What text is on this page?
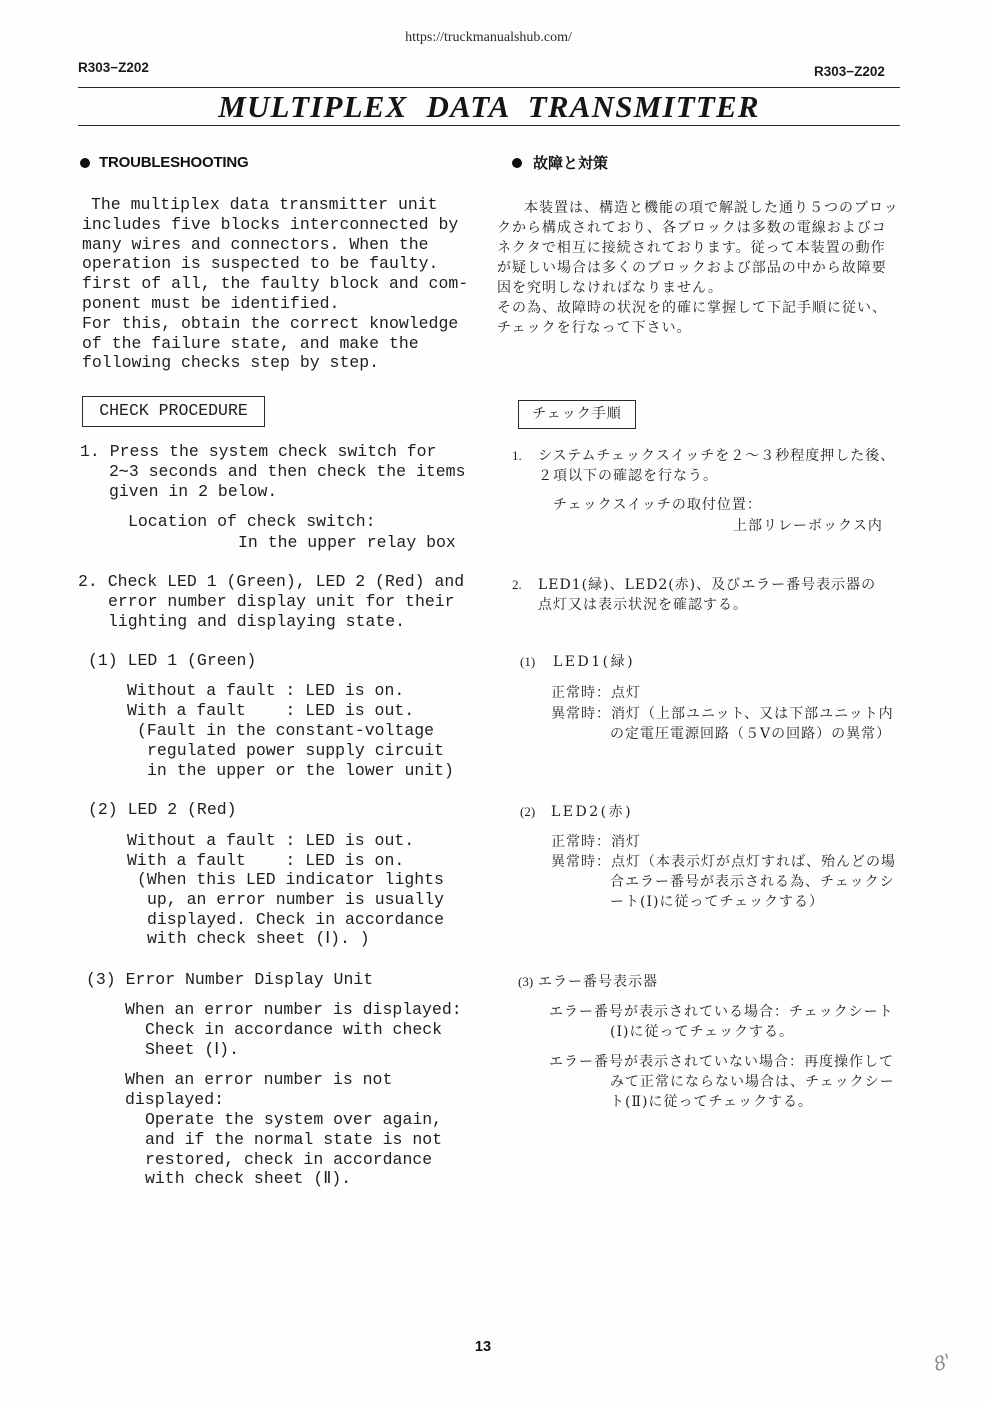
https://truckmanualshub.com/
R303−Z202	R303−Z202
MULTIPLEX DATA TRANSMITTER
TROUBLESHOOTING
The multiplex data transmitter unit
includes five blocks interconnected by
many wires and connectors. When the
operation is suspected to be faulty.
first of all, the faulty block and com-
ponent must be identified.
For this, obtain the correct knowledge
of the failure state, and make the
following checks step by step.
CHECK PROCEDURE
1. Press the system check switch for
2∼3 seconds and then check the items
given in 2 below.
Location of check switch:
In the upper relay box
2. Check LED 1 (Green), LED 2 (Red) and
error number display unit for their
lighting and displaying state.
(1) LED 1 (Green)
Without a fault : LED is on.
With a fault    : LED is out.
(Fault in the constant-voltage
regulated power supply circuit
in the upper or the lower unit)
(2) LED 2 (Red)
Without a fault : LED is out.
With a fault    : LED is on.
(When this LED indicator lights
up, an error number is usually
displayed. Check in accordance
with check sheet (Ⅰ). )
(3) Error Number Display Unit
When an error number is displayed:
Check in accordance with check
Sheet (Ⅰ).
When an error number is not
displayed:
Operate the system over again,
and if the normal state is not
restored, check in accordance
with check sheet (Ⅱ).
故障と対策
本装置は、構造と機能の項で解説した通り５つのブロッ
クから構成されており、各ブロックは多数の電線およびコ
ネクタで相互に接続されております。従って本装置の動作
が疑しい場合は多くのブロックおよび部品の中から故障要
因を究明しなければなりません。
その為、故障時の状況を的確に掌握して下記手順に従い、
チェックを行なって下さい。
チェック手順
1. システムチェックスイッチを２〜３秒程度押した後、
２項以下の確認を行なう。
チェックスイッチの取付位置：
上部リレーボックス内
2. LED1(緑)、LED2(赤)、及びエラー番号表示器の
点灯又は表示状況を確認する。
(1) LED1(緑)
正常時：点灯
異常時：消灯（上部ユニット、又は下部ユニット内
の定電圧電源回路（５Vの回路）の異常）
(2) LED2(赤)
正常時：消灯
異常時：点灯（本表示灯が点灯すれば、殆んどの場
合エラー番号が表示される為、チェックシ
ート(Ⅰ)に従ってチェックする）
(3) エラー番号表示器
エラー番号が表示されている場合：チェックシート
(Ⅰ)に従ってチェックする。
エラー番号が表示されていない場合：再度操作して
みて正常にならない場合は、チェックシー
ト(Ⅱ)に従ってチェックする。
13
8'
